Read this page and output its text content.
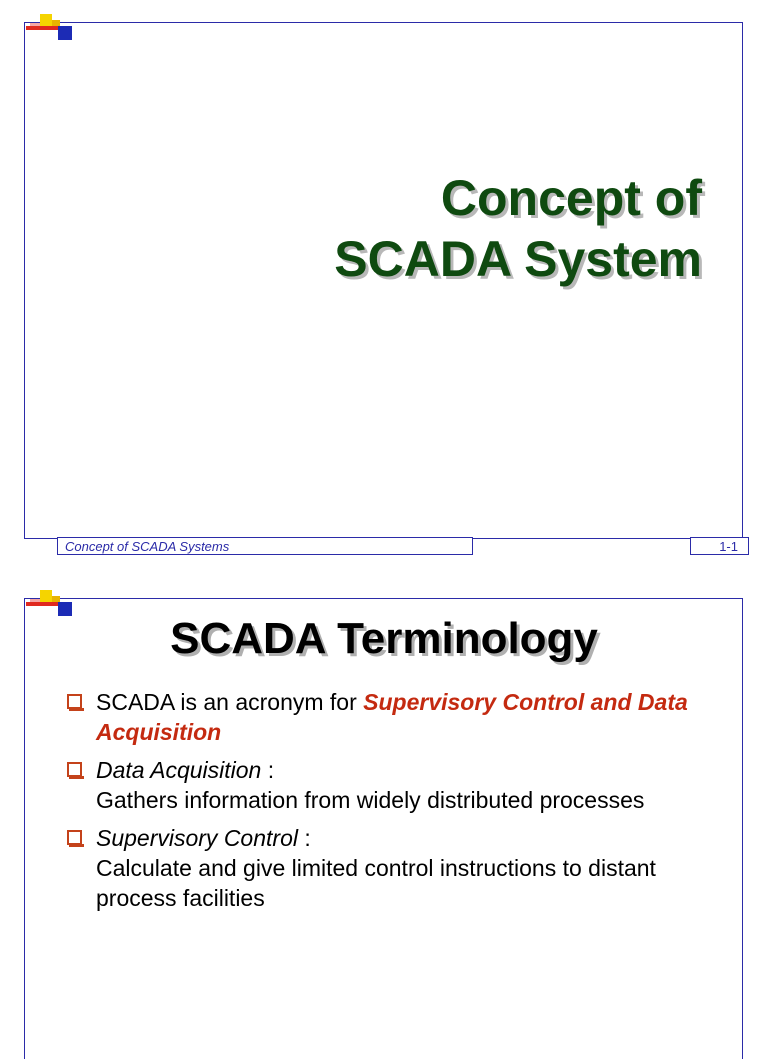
Concept of
SCADA System
Concept of SCADA Systems	1-1
SCADA Terminology
SCADA is an acronym for Supervisory Control and Data Acquisition
Data Acquisition :
Gathers information from widely distributed processes
Supervisory Control :
Calculate and give limited control instructions to distant process facilities
